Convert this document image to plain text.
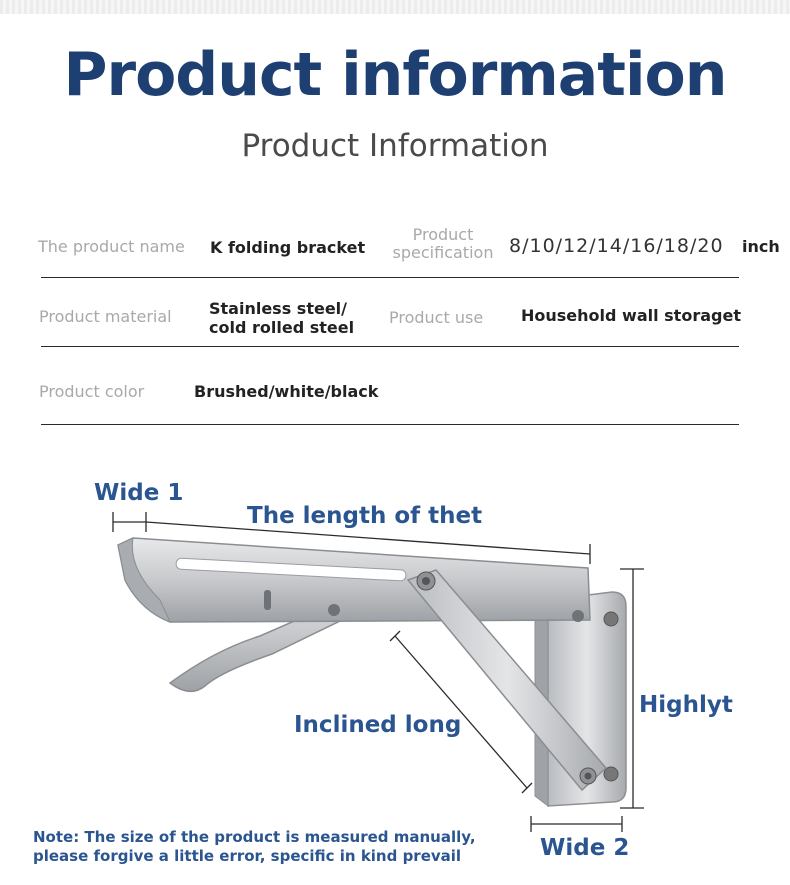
Product information
Product Information
The product name K folding bracket
Product
specification 8/10/12/14/16/18/20 inch
Product material Stainless steel/
cold rolled steel
Product use Household wall storaget
Product color	Brushed/white/black
Wide 1
The length of thet
Inclined long
Highlyt
Wide 2
Note: The size of the product is measured manually,
please forgive a little error, specific in kind prevail
